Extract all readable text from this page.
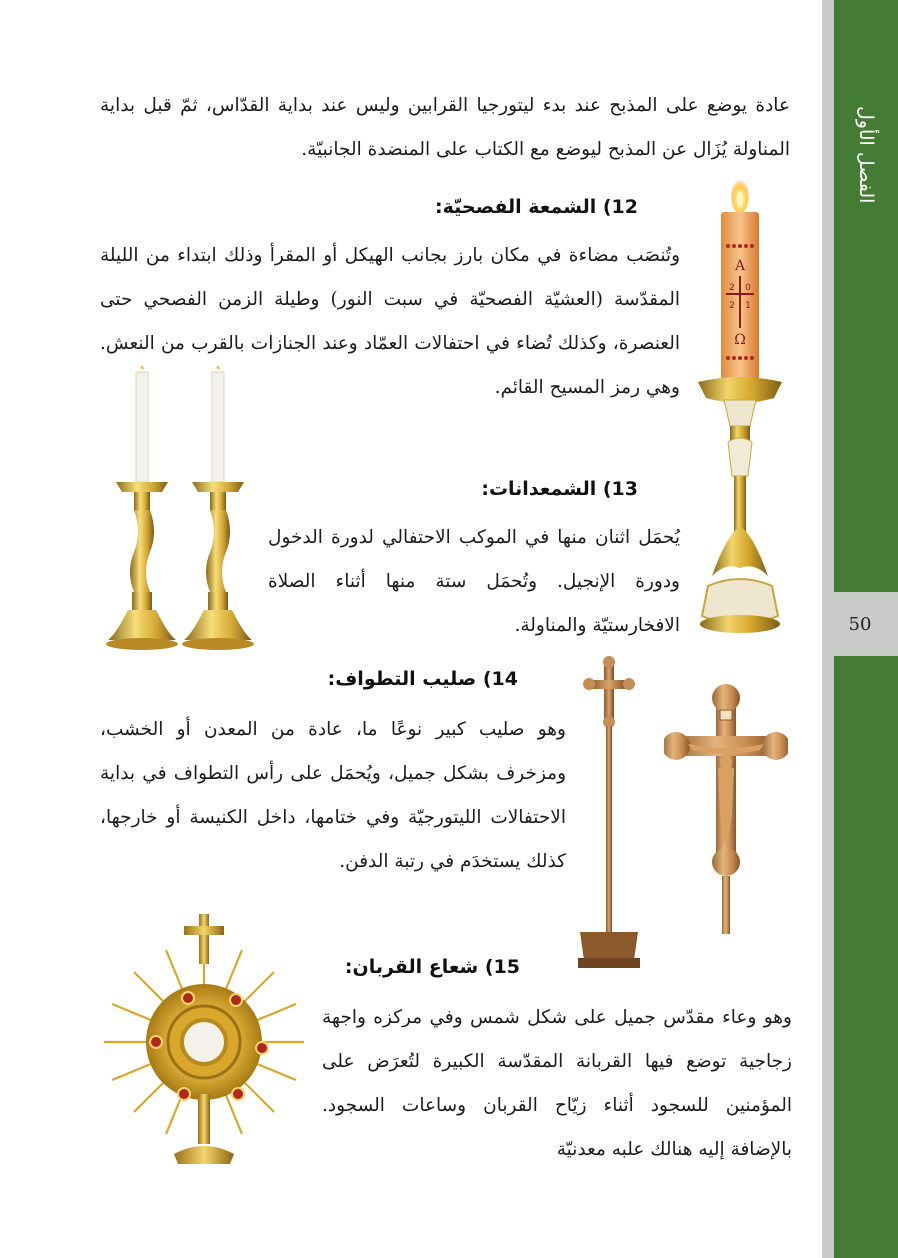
الفصل الأول
50
عادة يوضع على المذبح عند بدء ليتورجيا القرابين وليس عند بداية القدّاس، ثمّ قبل بداية المناولة يُزَال عن المذبح ليوضع مع الكتاب على المنضدة الجانبيّة.
12) الشمعة الفصحيّة:
وتُنصَب مضاءة في مكان بارز بجانب الهيكل أو المقرأ وذلك ابتداء من الليلة المقدّسة (العشيّة الفصحيّة في سبت النور) وطيلة الزمن الفصحي حتى العنصرة، وكذلك تُضاء في احتفالات العمّاد وعند الجنازات بالقرب من النعش. وهي رمز المسيح القائم.
13) الشمعدانات:
يُحمَل اثنان منها في الموكب الاحتفالي لدورة الدخول ودورة الإنجيل. وتُحمَل ستة منها أثناء الصلاة الافخارستيّة والمناولة.
14) صليب التطواف:
وهو صليب كبير نوعًا ما، عادة من المعدن أو الخشب، ومزخرف بشكل جميل، ويُحمَل على رأس التطواف في بداية الاحتفالات الليتورجيّة وفي ختامها، داخل الكنيسة أو خارجها، كذلك يستخدَم في رتبة الدفن.
15) شعاع القربان:
وهو وعاء مقدّس جميل على شكل شمس وفي مركزه واجهة زجاجية توضع فيها القربانة المقدّسة الكبيرة لتُعرَض على المؤمنين للسجود أثناء زيّاح القربان وساعات السجود. بالإضافة إليه هنالك علبه معدنيّة
A
2 0
2 1
Ω
